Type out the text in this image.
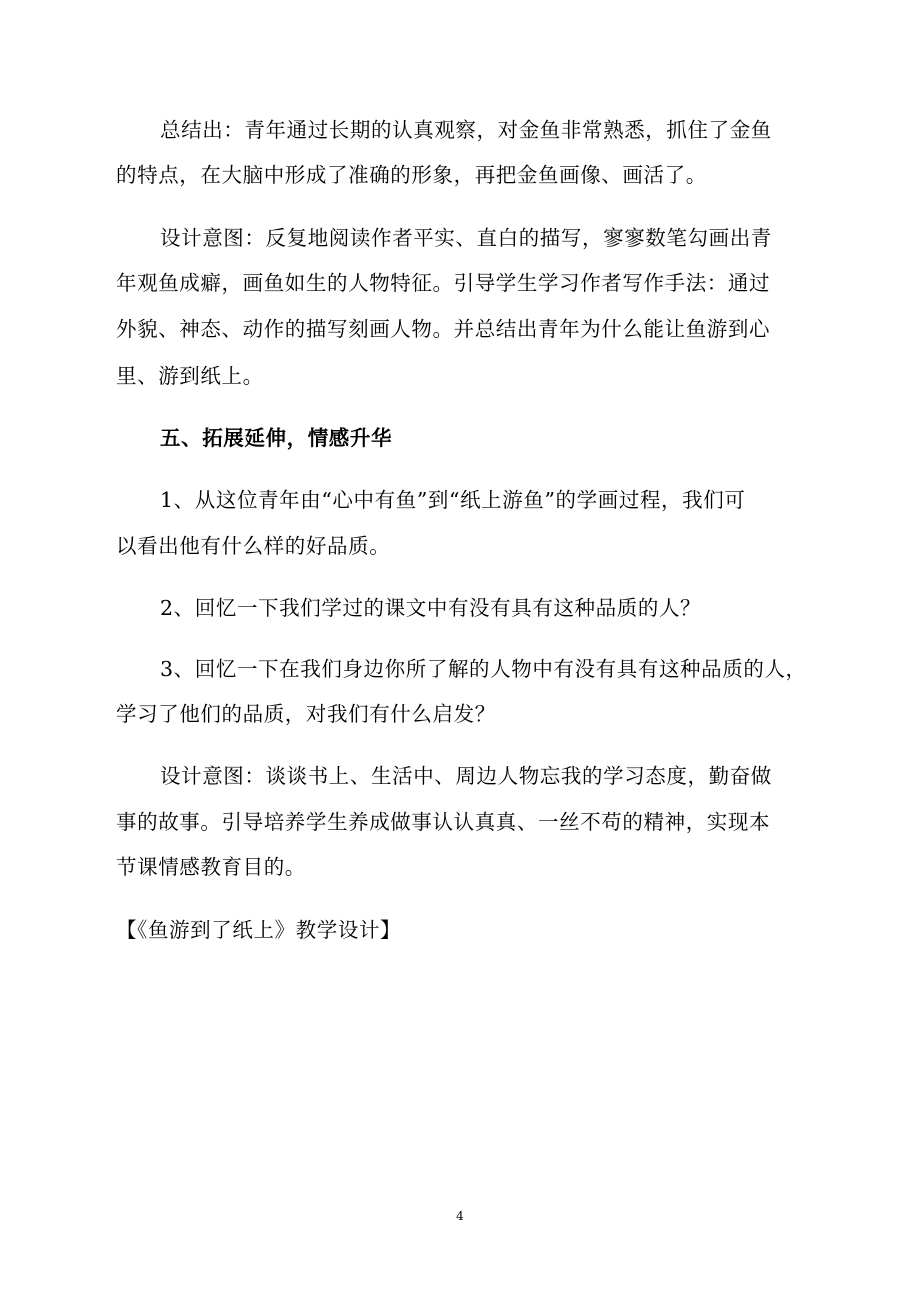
总结出：青年通过长期的认真观察，对金鱼非常熟悉，抓住了金鱼
的特点，在大脑中形成了准确的形象，再把金鱼画像、画活了。
设计意图：反复地阅读作者平实、直白的描写，寥寥数笔勾画出青
年观鱼成癖，画鱼如生的人物特征。引导学生学习作者写作手法：通过
外貌、神态、动作的描写刻画人物。并总结出青年为什么能让鱼游到心
里、游到纸上。
五、拓展延伸，情感升华
1、从这位青年由“心中有鱼”到“纸上游鱼”的学画过程，我们可
以看出他有什么样的好品质。
2、回忆一下我们学过的课文中有没有具有这种品质的人？
3、回忆一下在我们身边你所了解的人物中有没有具有这种品质的人，
学习了他们的品质，对我们有什么启发？
设计意图：谈谈书上、生活中、周边人物忘我的学习态度，勤奋做
事的故事。引导培养学生养成做事认认真真、一丝不苟的精神，实现本
节课情感教育目的。
【《鱼游到了纸上》教学设计】
4
